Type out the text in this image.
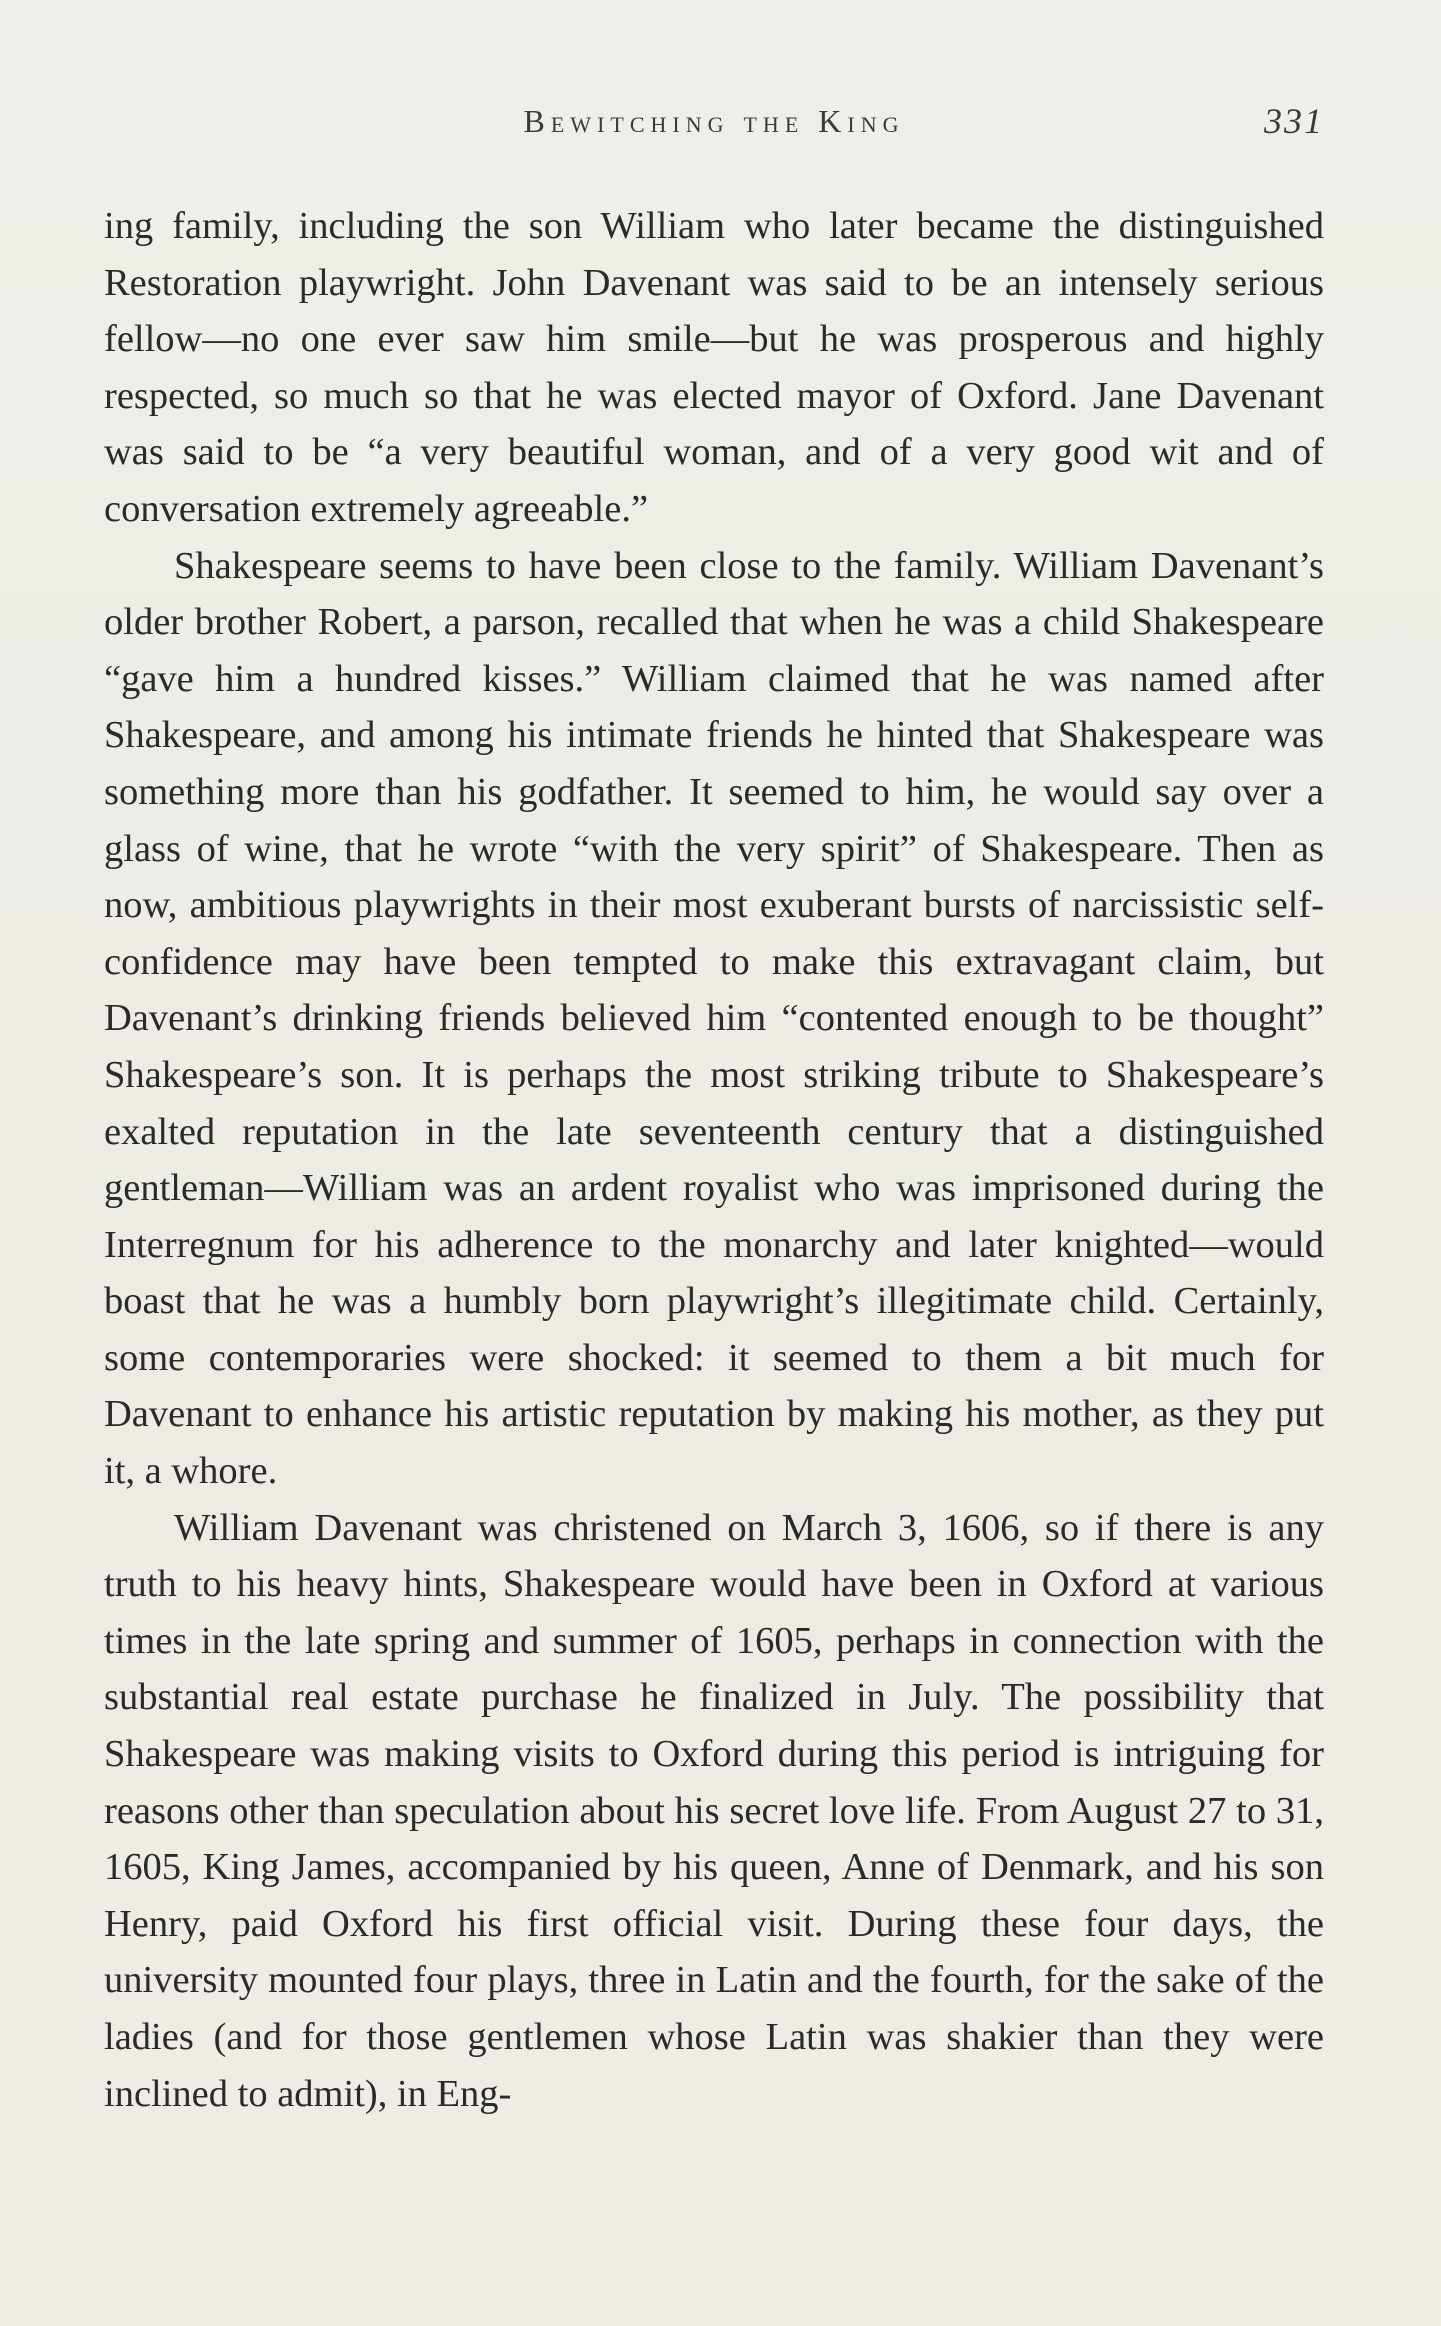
Bewitching the King	331

ing family, including the son William who later became the distinguished Restoration playwright. John Davenant was said to be an intensely serious fellow—no one ever saw him smile—but he was prosperous and highly respected, so much so that he was elected mayor of Oxford. Jane Davenant was said to be “a very beautiful woman, and of a very good wit and of conversation extremely agreeable.”

Shakespeare seems to have been close to the family. William Davenant’s older brother Robert, a parson, recalled that when he was a child Shakespeare “gave him a hundred kisses.” William claimed that he was named after Shakespeare, and among his intimate friends he hinted that Shakespeare was something more than his godfather. It seemed to him, he would say over a glass of wine, that he wrote “with the very spirit” of Shakespeare. Then as now, ambitious playwrights in their most exuberant bursts of narcissistic self-confidence may have been tempted to make this extravagant claim, but Davenant’s drinking friends believed him “contented enough to be thought” Shakespeare’s son. It is perhaps the most striking tribute to Shakespeare’s exalted reputation in the late seventeenth century that a distinguished gentleman—William was an ardent royalist who was imprisoned during the Interregnum for his adherence to the monarchy and later knighted—would boast that he was a humbly born playwright’s illegitimate child. Certainly, some contemporaries were shocked: it seemed to them a bit much for Davenant to enhance his artistic reputation by making his mother, as they put it, a whore.

William Davenant was christened on March 3, 1606, so if there is any truth to his heavy hints, Shakespeare would have been in Oxford at various times in the late spring and summer of 1605, perhaps in connection with the substantial real estate purchase he finalized in July. The possibility that Shakespeare was making visits to Oxford during this period is intriguing for reasons other than speculation about his secret love life. From August 27 to 31, 1605, King James, accompanied by his queen, Anne of Denmark, and his son Henry, paid Oxford his first official visit. During these four days, the university mounted four plays, three in Latin and the fourth, for the sake of the ladies (and for those gentlemen whose Latin was shakier than they were inclined to admit), in Eng-
